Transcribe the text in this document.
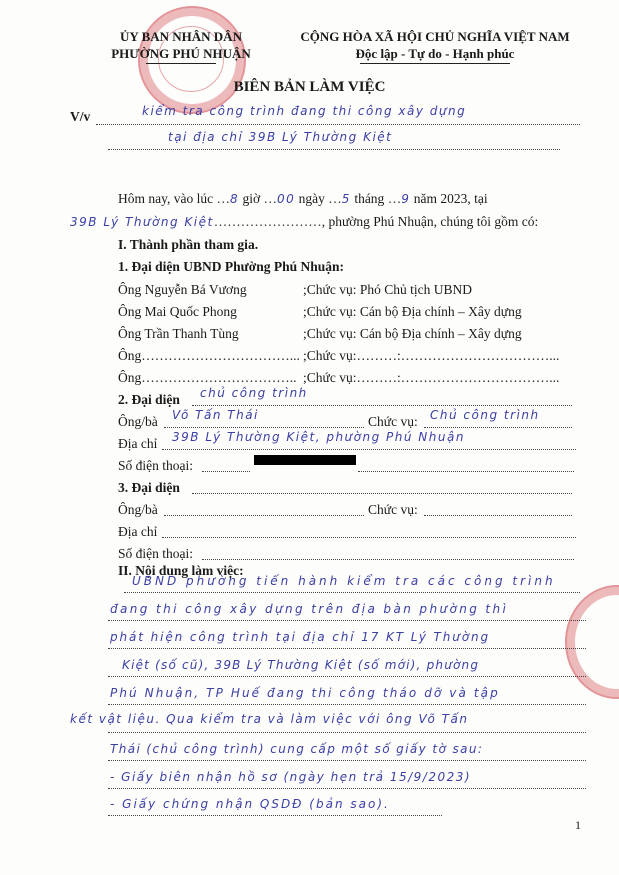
ỦY BAN NHÂN DÂN
PHƯỜNG PHÚ NHUẬN
CỘNG HÒA XÃ HỘI CHỦ NGHĨA VIỆT NAM
Độc lập - Tự do - Hạnh phúc
BIÊN BẢN LÀM VIỆC
V/v	kiểm tra công trình đang thi công xây dựng
tại địa chỉ 39B Lý Thường Kiệt
Hôm nay, vào lúc …8 giờ …00 ngày …5 tháng …9 năm 2023, tại
39B Lý Thường Kiệt……………………, phường Phú Nhuận, chúng tôi gồm có:
I. Thành phần tham gia.
1. Đại diện UBND Phường Phú Nhuận:
Ông Nguyễn Bá Vương	;Chức vụ: Phó Chủ tịch UBND
Ông Mai Quốc Phong	;Chức vụ: Cán bộ Địa chính – Xây dựng
Ông Trần Thanh Tùng	;Chức vụ: Cán bộ Địa chính – Xây dựng
Ông……………………………... ;Chức vụ:………:……………………………...
Ông…………………………….. ;Chức vụ:………:……………………………...
2. Đại diện chủ công trình
Ông/bà Võ Tấn Thái	Chức vụ: Chủ công trình
Địa chỉ 39B Lý Thường Kiệt, phường Phú Nhuận
Số điện thoại:
3. Đại diện
Ông/bà	Chức vụ:
Địa chỉ
Số điện thoại:
II. Nội dung làm việc:
UBND phường tiến hành kiểm tra các công trình
đang thi công xây dựng trên địa bàn phường thì
phát hiện công trình tại địa chỉ 17 KT Lý Thường
Kiệt (số cũ), 39B Lý Thường Kiệt (số mới), phường
Phú Nhuận, TP Huế đang thi công tháo dỡ và tập
kết vật liệu. Qua kiểm tra và làm việc với ông Võ Tấn
Thái (chủ công trình) cung cấp một số giấy tờ sau:
- Giấy biên nhận hồ sơ (ngày hẹn trả 15/9/2023)
- Giấy chứng nhận QSDĐ (bản sao).
1
